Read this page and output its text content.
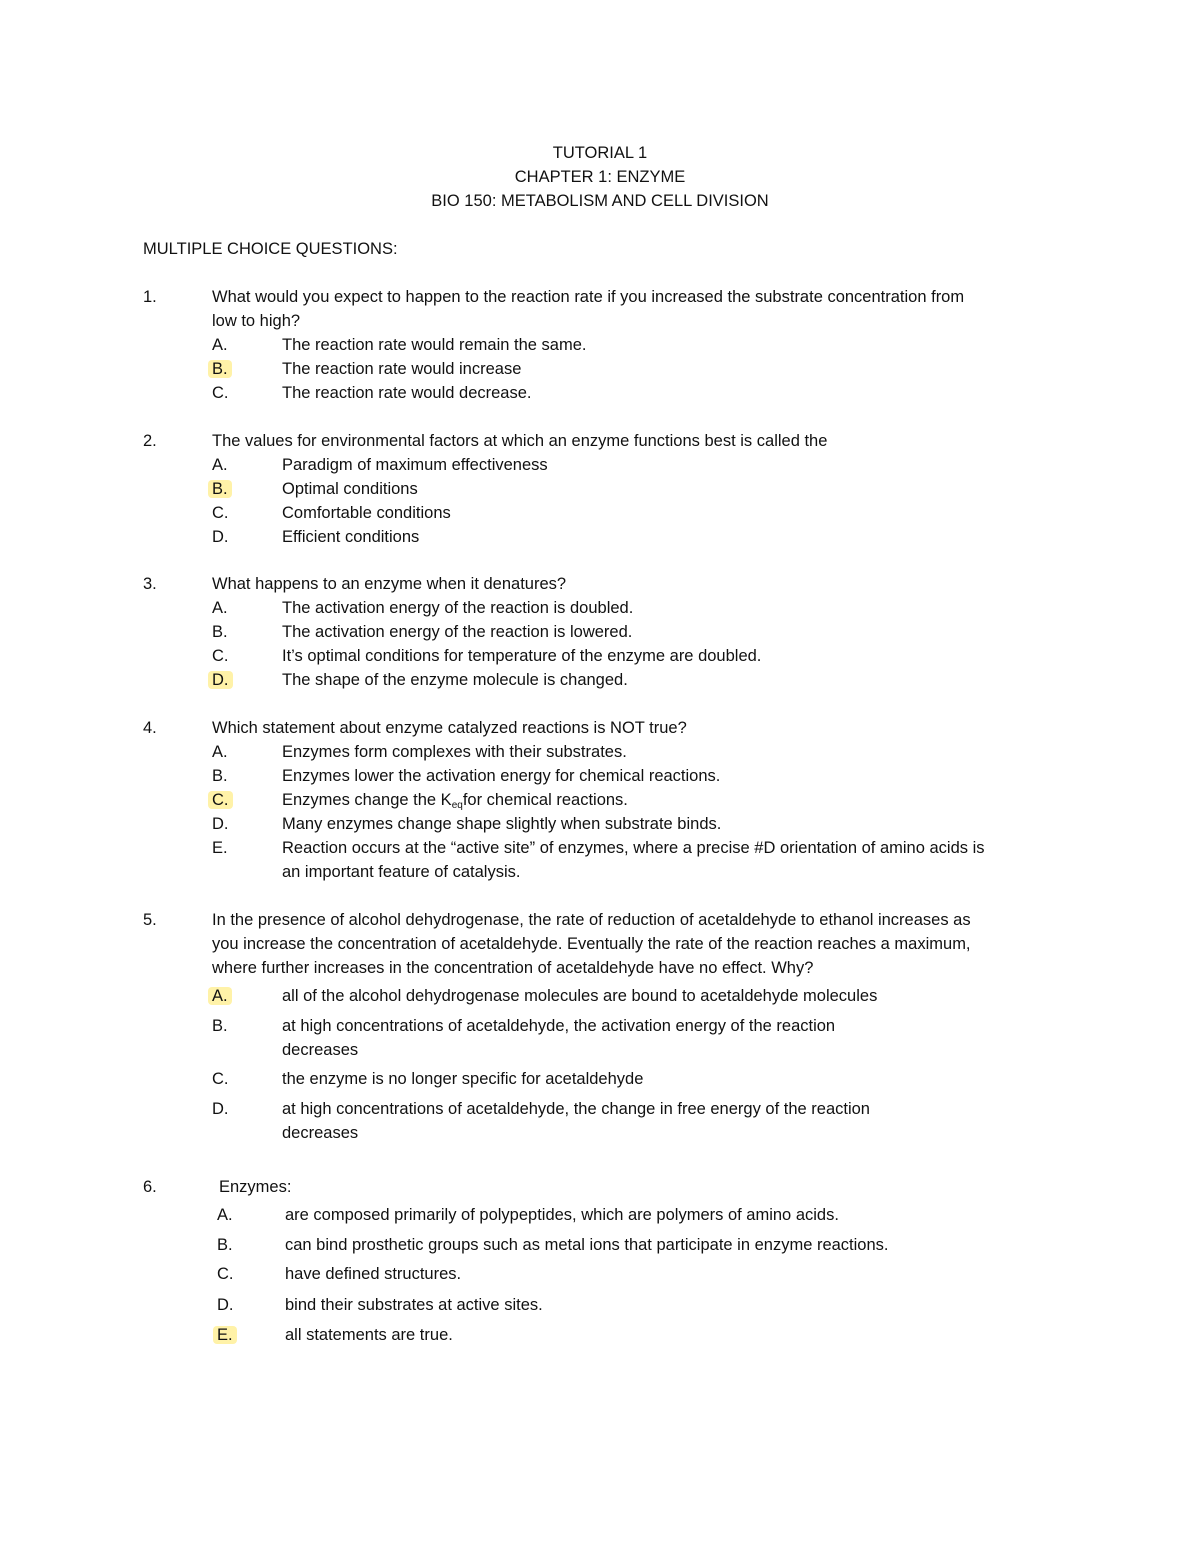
TUTORIAL 1
CHAPTER 1: ENZYME
BIO 150: METABOLISM AND CELL DIVISION
MULTIPLE CHOICE QUESTIONS:
1.	What would you expect to happen to the reaction rate if you increased the substrate concentration from
low to high?
A.	The reaction rate would remain the same.
B.	The reaction rate would increase
C.	The reaction rate would decrease.
2.	The values for environmental factors at which an enzyme functions best is called the
A.	Paradigm of maximum effectiveness
B.	Optimal conditions
C.	Comfortable conditions
D.	Efficient conditions
3.	What happens to an enzyme when it denatures?
A.	The activation energy of the reaction is doubled.
B.	The activation energy of the reaction is lowered.
C.	It’s optimal conditions for temperature of the enzyme are doubled.
D.	The shape of the enzyme molecule is changed.
4.	Which statement about enzyme catalyzed reactions is NOT true?
A.	Enzymes form complexes with their substrates.
B.	Enzymes lower the activation energy for chemical reactions.
C.	Enzymes change the $K_{eq}for$ chemical reactions.
D.	Many enzymes change shape slightly when substrate binds.
E.	Reaction occurs at the “active site” of enzymes, where a precise #D orientation of amino acids is
an important feature of catalysis.
5.	In the presence of alcohol dehydrogenase, the rate of reduction of acetaldehyde to ethanol increases as
you increase the concentration of acetaldehyde. Eventually the rate of the reaction reaches a maximum,
where further increases in the concentration of acetaldehyde have no effect. Why?
A.	all of the alcohol dehydrogenase molecules are bound to acetaldehyde molecules
B.	at high concentrations of acetaldehyde, the activation energy of the reaction
decreases
C.	the enzyme is no longer specific for acetaldehyde
D.	at high concentrations of acetaldehyde, the change in free energy of the reaction
decreases
6.	Enzymes:
A.	are composed primarily of polypeptides, which are polymers of amino acids.
B.	can bind prosthetic groups such as metal ions that participate in enzyme reactions.
C.	have defined structures.
D.	bind their substrates at active sites.
E.	all statements are true.
